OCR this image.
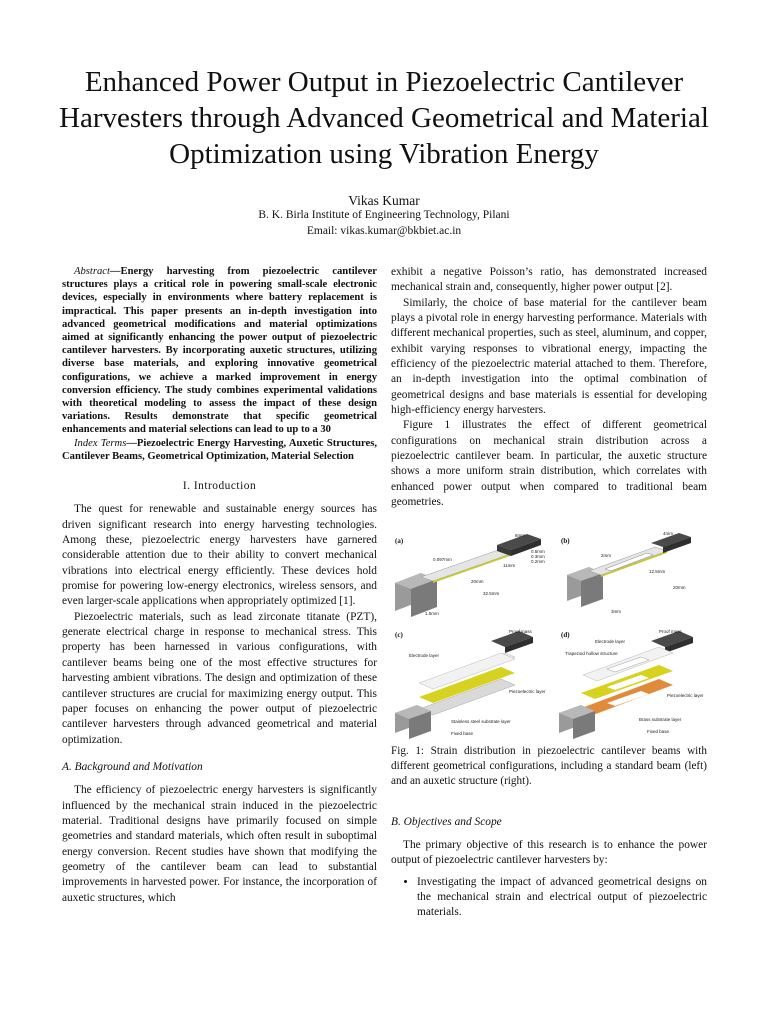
Enhanced Power Output in Piezoelectric Cantilever Harvesters through Advanced Geometrical and Material Optimization using Vibration Energy
Vikas Kumar
B. K. Birla Institute of Engineering Technology, Pilani
Email: vikas.kumar@bkbiet.ac.in

Abstract—Energy harvesting from piezoelectric cantilever structures plays a critical role in powering small-scale electronic devices, especially in environments where battery replacement is impractical. This paper presents an in-depth investigation into advanced geometrical modifications and material optimizations aimed at significantly enhancing the power output of piezoelectric cantilever harvesters. By incorporating auxetic structures, utilizing diverse base materials, and exploring innovative geometrical configurations, we achieve a marked improvement in energy conversion efficiency. The study combines experimental validations with theoretical modeling to assess the impact of these design variations. Results demonstrate that specific geometrical enhancements and material selections can lead to up to a 30

Index Terms—Piezoelectric Energy Harvesting, Auxetic Structures, Cantilever Beams, Geometrical Optimization, Material Selection

I. Introduction

The quest for renewable and sustainable energy sources has driven significant research into energy harvesting technologies. Among these, piezoelectric energy harvesters have garnered considerable attention due to their ability to convert mechanical vibrations into electrical energy efficiently. These devices hold promise for powering low-energy electronics, wireless sensors, and even larger-scale applications when appropriately optimized [1].

Piezoelectric materials, such as lead zirconate titanate (PZT), generate electrical charge in response to mechanical stress. This property has been harnessed in various configurations, with cantilever beams being one of the most effective structures for harvesting ambient vibrations. The design and optimization of these cantilever structures are crucial for maximizing energy output. This paper focuses on enhancing the power output of piezoelectric cantilever harvesters through advanced geometrical and material optimization.

A. Background and Motivation

The efficiency of piezoelectric energy harvesters is significantly influenced by the mechanical strain induced in the piezoelectric material. Traditional designs have primarily focused on simple geometries and standard materials, which often result in suboptimal energy conversion. Recent studies have shown that modifying the geometry of the cantilever beam can lead to substantial improvements in harvested power. For instance, the incorporation of auxetic structures, which

exhibit a negative Poisson’s ratio, has demonstrated increased mechanical strain and, consequently, higher power output [2].

Similarly, the choice of base material for the cantilever beam plays a pivotal role in energy harvesting performance. Materials with different mechanical properties, such as steel, aluminum, and copper, exhibit varying responses to vibrational energy, impacting the efficiency of the piezoelectric material attached to them. Therefore, an in-depth investigation into the optimal combination of geometrical designs and base materials is essential for developing high-efficiency energy harvesters.

Figure 1 illustrates the effect of different geometrical configurations on mechanical strain distribution across a piezoelectric cantilever beam. In particular, the auxetic structure shows a more uniform strain distribution, which correlates with enhanced power output when compared to traditional beam geometries.

(a)
0.097mm
0.5mm
0.3mm
0.2mm
11mm
20mm
32.5mm
1.5mm
8mm
(b)
4mm
2mm
12.5mm
20mm
3mm
(c)	Proof mass
Electrode layer
Piezoelectric layer
Stainless steel substrate layer
Fixed base
(d)	Proof mass
Electrode layer
Trapezoid hollow structure
Piezoelectric layer
Brass substrate layer
Fixed base

Fig. 1: Strain distribution in piezoelectric cantilever beams with different geometrical configurations, including a standard beam (left) and an auxetic structure (right).

B. Objectives and Scope

The primary objective of this research is to enhance the power output of piezoelectric cantilever harvesters by:

• Investigating the impact of advanced geometrical designs on the mechanical strain and electrical output of piezoelectric materials.
